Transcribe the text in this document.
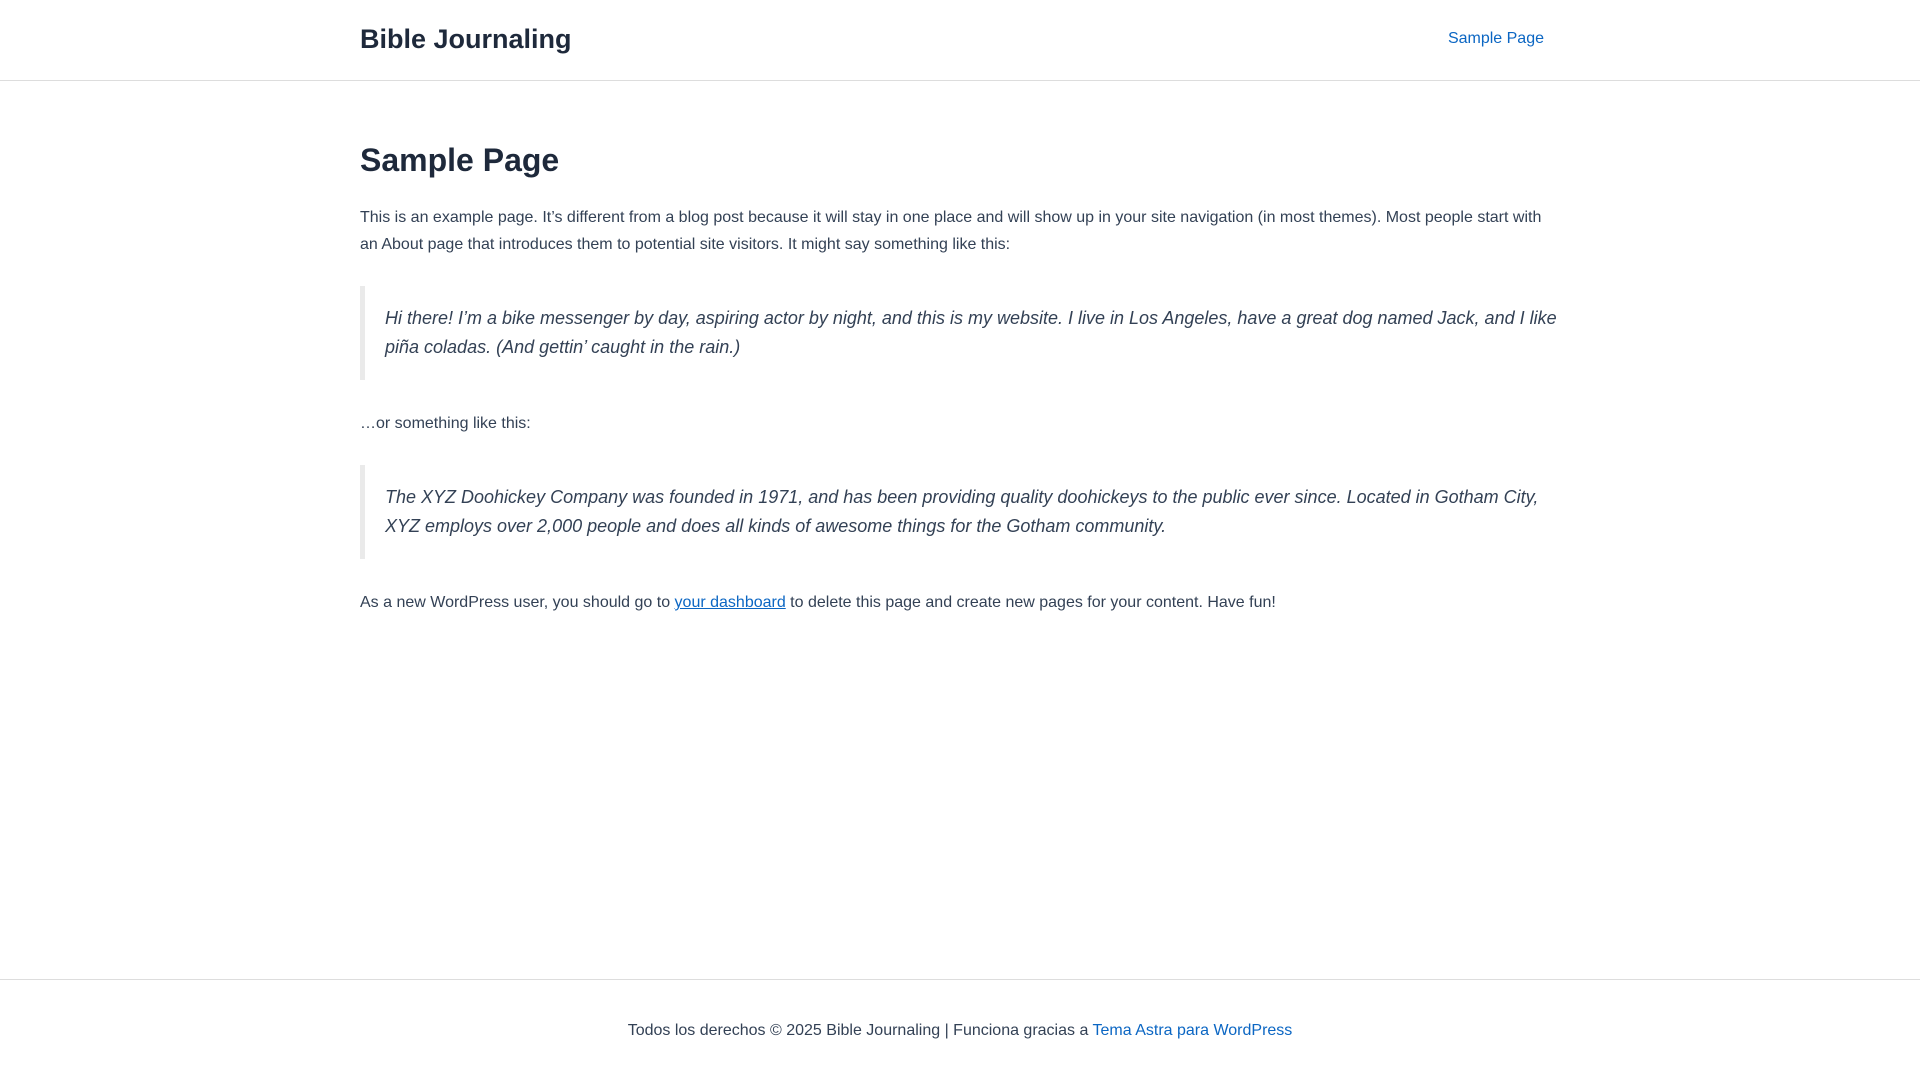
Bible Journaling	Sample Page
Sample Page

This is an example page. It’s different from a blog post because it will stay in one place and will show up in your site navigation (in most themes). Most people start with an About page that introduces them to potential site visitors. It might say something like this:

Hi there! I’m a bike messenger by day, aspiring actor by night, and this is my website. I live in Los Angeles, have a great dog named Jack, and I like piña coladas. (And gettin’ caught in the rain.)

…or something like this:

The XYZ Doohickey Company was founded in 1971, and has been providing quality doohickeys to the public ever since. Located in Gotham City, XYZ employs over 2,000 people and does all kinds of awesome things for the Gotham community.

As a new WordPress user, you should go to your dashboard to delete this page and create new pages for your content. Have fun!

Todos los derechos © 2025 Bible Journaling | Funciona gracias a Tema Astra para WordPress
